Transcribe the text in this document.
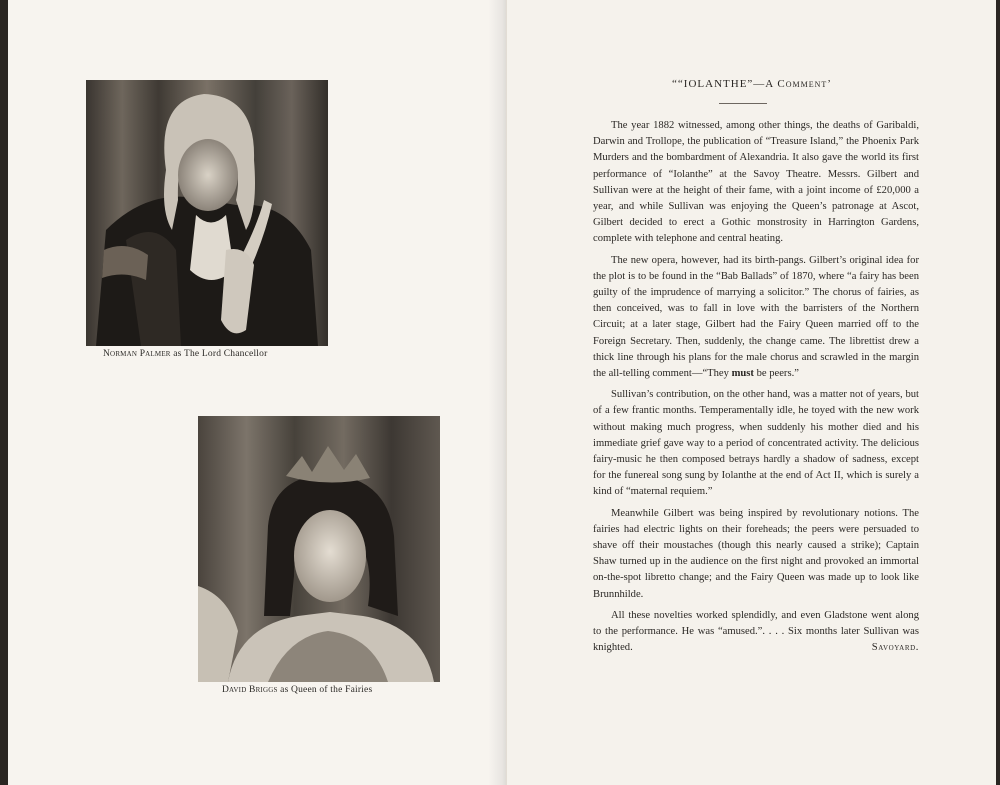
Norman Palmer as The Lord Chancellor
David Briggs as Queen of the Fairies
““IOLANTHE”—A Comment’

The year 1882 witnessed, among other things, the deaths of Garibaldi, Darwin and Trollope, the publication of “Treasure Island,” the Phoenix Park Murders and the bombardment of Alexandria. It also gave the world its first performance of “Iolanthe” at the Savoy Theatre. Messrs. Gilbert and Sullivan were at the height of their fame, with a joint income of £20,000 a year, and while Sullivan was enjoying the Queen’s patronage at Ascot, Gilbert decided to erect a Gothic monstrosity in Harrington Gardens, complete with telephone and central heating.

The new opera, however, had its birth-pangs. Gilbert’s original idea for the plot is to be found in the “Bab Ballads” of 1870, where “a fairy has been guilty of the imprudence of marrying a solicitor.” The chorus of fairies, as then conceived, was to fall in love with the barristers of the Northern Circuit; at a later stage, Gilbert had the Fairy Queen married off to the Foreign Secretary. Then, suddenly, the change came. The librettist drew a thick line through his plans for the male chorus and scrawled in the margin the all-telling comment—“They must be peers.”

Sullivan’s contribution, on the other hand, was a matter not of years, but of a few frantic months. Temperamentally idle, he toyed with the new work without making much progress, when suddenly his mother died and his immediate grief gave way to a period of concentrated activity. The delicious fairy-music he then composed betrays hardly a shadow of sadness, except for the funereal song sung by Iolanthe at the end of Act II, which is surely a kind of “maternal requiem.”

Meanwhile Gilbert was being inspired by revolutionary notions. The fairies had electric lights on their foreheads; the peers were persuaded to shave off their moustaches (though this nearly caused a strike); Captain Shaw turned up in the audience on the first night and provoked an immortal on-the-spot libretto change; and the Fairy Queen was made up to look like Brunnhilde.

All these novelties worked splendidly, and even Gladstone went along to the performance. He was “amused.”. . . . Six months later Sullivan was knighted.	Savoyard.
